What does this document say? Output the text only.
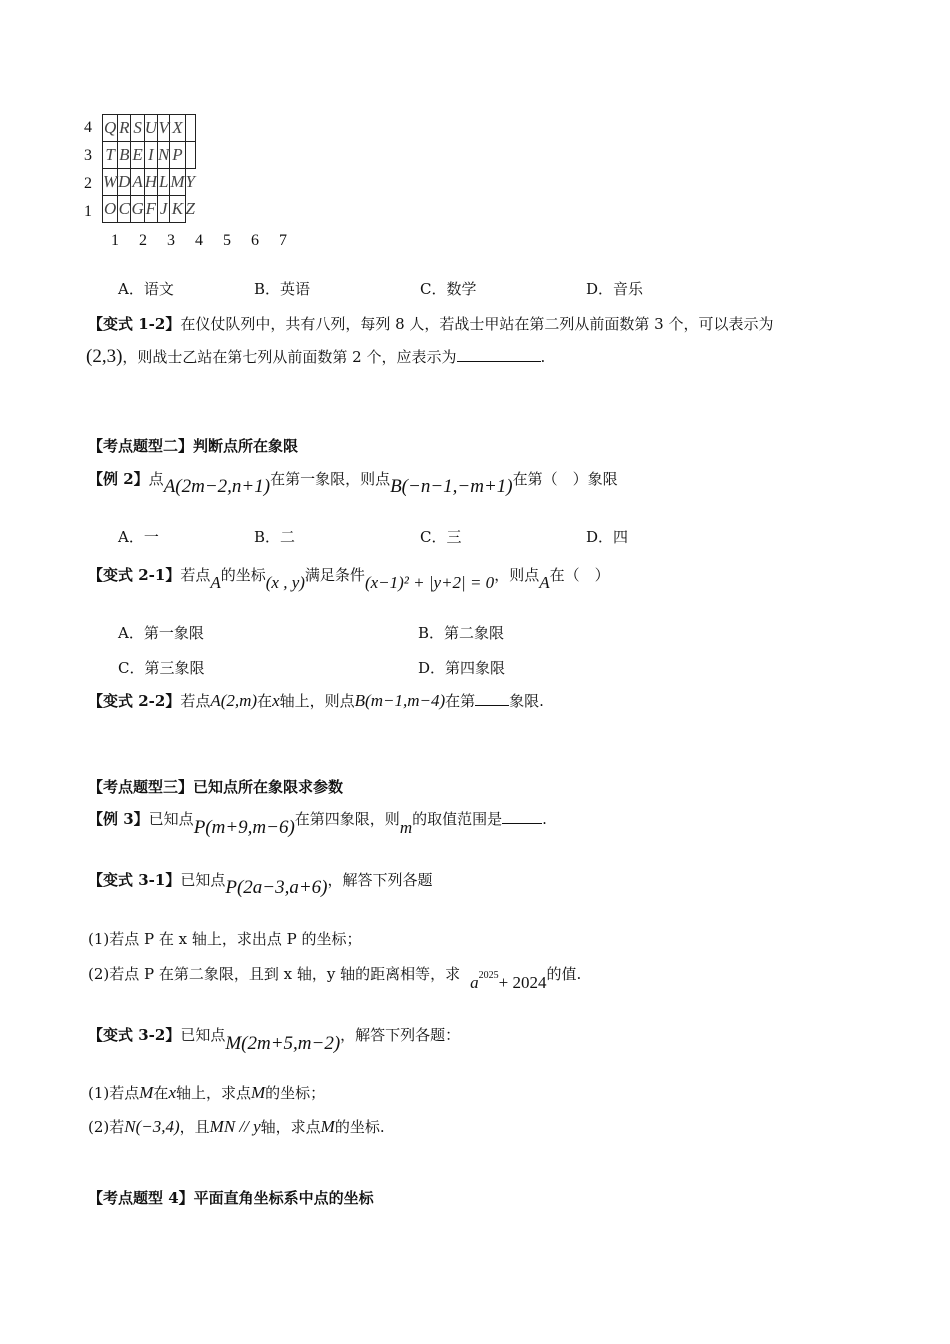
4
3
2
1
Q	R	S	U	V	X	
T	B	E	I	N	P	
W	D	A	H	L	M	Y
O	C	G	F	J	K	Z
1 2 3 4 5 6 7
A．语文	B．英语	C．数学	D．音乐
【变式 1-2】在仪仗队列中，共有八列，每列 8 人，若战士甲站在第二列从前面数第 3 个，可以表示为
(2,3)，则战士乙站在第七列从前面数第 2 个，应表示为	.
【考点题型二】判断点所在象限
【例 2】点A(2m−2,n+1)在第一象限，则点B(−n−1,−m+1)在第（　）象限
A．一	B．二	C．三	D．四
【变式 2-1】若点A的坐标(x , y)满足条件(x−1)² + |y+2| = 0，则点A在（　）
A．第一象限	B．第二象限
C．第三象限	D．第四象限
【变式 2-2】若点A(2,m)在x轴上，则点B(m−1,m−4)在第 象限.
【考点题型三】已知点所在象限求参数
【例 3】已知点P(m+9,m−6)在第四象限，则m的取值范围是	.
【变式 3-1】已知点P(2a−3,a+6)，解答下列各题
(1)若点 P 在 x 轴上，求出点 P 的坐标；
(2)若点 P 在第二象限，且到 x 轴，y 轴的距离相等，求 a2025+ 2024的值.
【变式 3-2】已知点M(2m+5,m−2)，解答下列各题：
(1)若点M在x轴上，求点M的坐标；
(2)若N(−3,4)，且MN // y轴，求点M的坐标.
【考点题型 4】平面直角坐标系中点的坐标
